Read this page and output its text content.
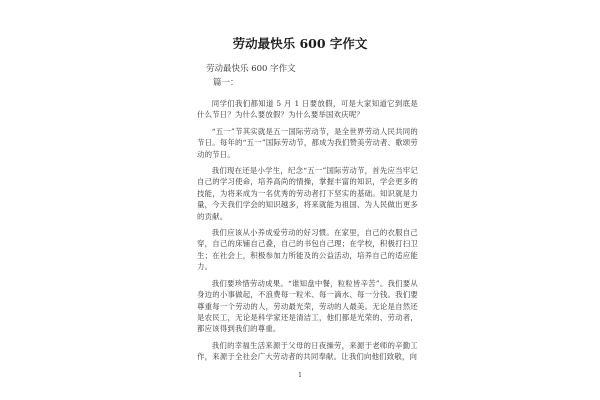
劳动最快乐 600 字作文
劳动最快乐 600 字作文
篇一：

同学们我们都知道 5 月 1 日要放假，可是大家知道它到底是什么节日？为什么要放假？为什么要举国欢庆呢？

“五一”节其实就是五一国际劳动节，是全世界劳动人民共同的节日。每年的“五一”国际劳动节，都成为我们赞美劳动者、歌颂劳动的节日。

我们现在还是小学生，纪念“五一”国际劳动节，首先应当牢记自己的学习使命，培养高尚的情操，掌握丰富的知识，学会更多的技能，为将来成为一名优秀的劳动者打下坚实的基础。知识就是力量，今天我们学会的知识越多，将来就能为祖国、为人民做出更多的贡献。

我们应该从小养成爱劳动的好习惯。在家里，自己的衣服自己穿，自己的床铺自己叠，自己的书包自己理；在学校，积极打扫卫生；在社会上，积极参加力所能及的公益活动，培养自己的适应能力。

我们要珍惜劳动成果。“谁知盘中餐，粒粒皆辛苦”。我们要从身边的小事做起，不浪费每一粒米、每一滴水、每一分钱。我们要尊重每一个劳动的人，劳动最光荣，劳动的人最美。无论是自然还是农民工，无论是科学家还是清洁工，他们都是光荣的、劳动者，都应该得到我们的尊重。

我们的幸福生活来源于父母的日夜操劳，来源于老师的辛勤工作，来源于全社会广大劳动者的共同奉献。让我们向他们致敬，向

1
